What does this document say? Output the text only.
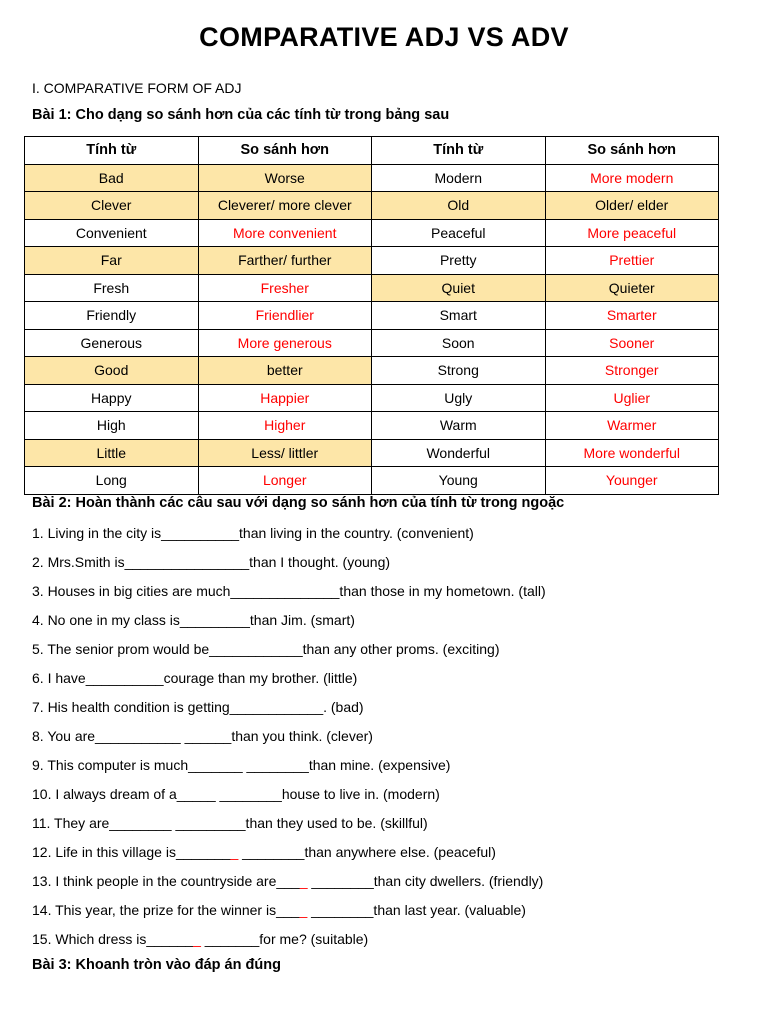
COMPARATIVE ADJ VS ADV
I. COMPARATIVE FORM OF ADJ
Bài 1: Cho dạng so sánh hơn của các tính từ trong bảng sau
Tính từ	So sánh hơn	Tính từ	So sánh hơn
Bad	Worse	Modern	More modern
Clever	Cleverer/ more clever	Old	Older/ elder
Convenient	More convenient	Peaceful	More peaceful
Far	Farther/ further	Pretty	Prettier
Fresh	Fresher	Quiet	Quieter
Friendly	Friendlier	Smart	Smarter
Generous	More generous	Soon	Sooner
Good	better	Strong	Stronger
Happy	Happier	Ugly	Uglier
High	Higher	Warm	Warmer
Little	Less/ littler	Wonderful	More wonderful
Long	Longer	Young	Younger
Bài 2: Hoàn thành các câu sau với dạng so sánh hơn của tính từ trong ngoặc
1. Living in the city is__________than living in the country. (convenient)
2. Mrs.Smith is________________than I thought. (young)
3. Houses in big cities are much______________than those in my hometown. (tall)
4. No one in my class is_________than Jim. (smart)
5. The senior prom would be____________than any other proms. (exciting)
6. I have__________courage than my brother. (little)
7. His health condition is getting____________. (bad)
8. You are___________ ______than you think. (clever)
9. This computer is much_______ ________than mine. (expensive)
10. I always dream of a_____ ________house to live in. (modern)
11. They are________ _________than they used to be. (skillful)
12. Life in this village is________ ________than anywhere else. (peaceful)
13. I think people in the countryside are____ ________than city dwellers. (friendly)
14. This year, the prize for the winner is____ ________than last year. (valuable)
15. Which dress is_______ _______for me? (suitable)
Bài 3: Khoanh tròn vào đáp án đúng
